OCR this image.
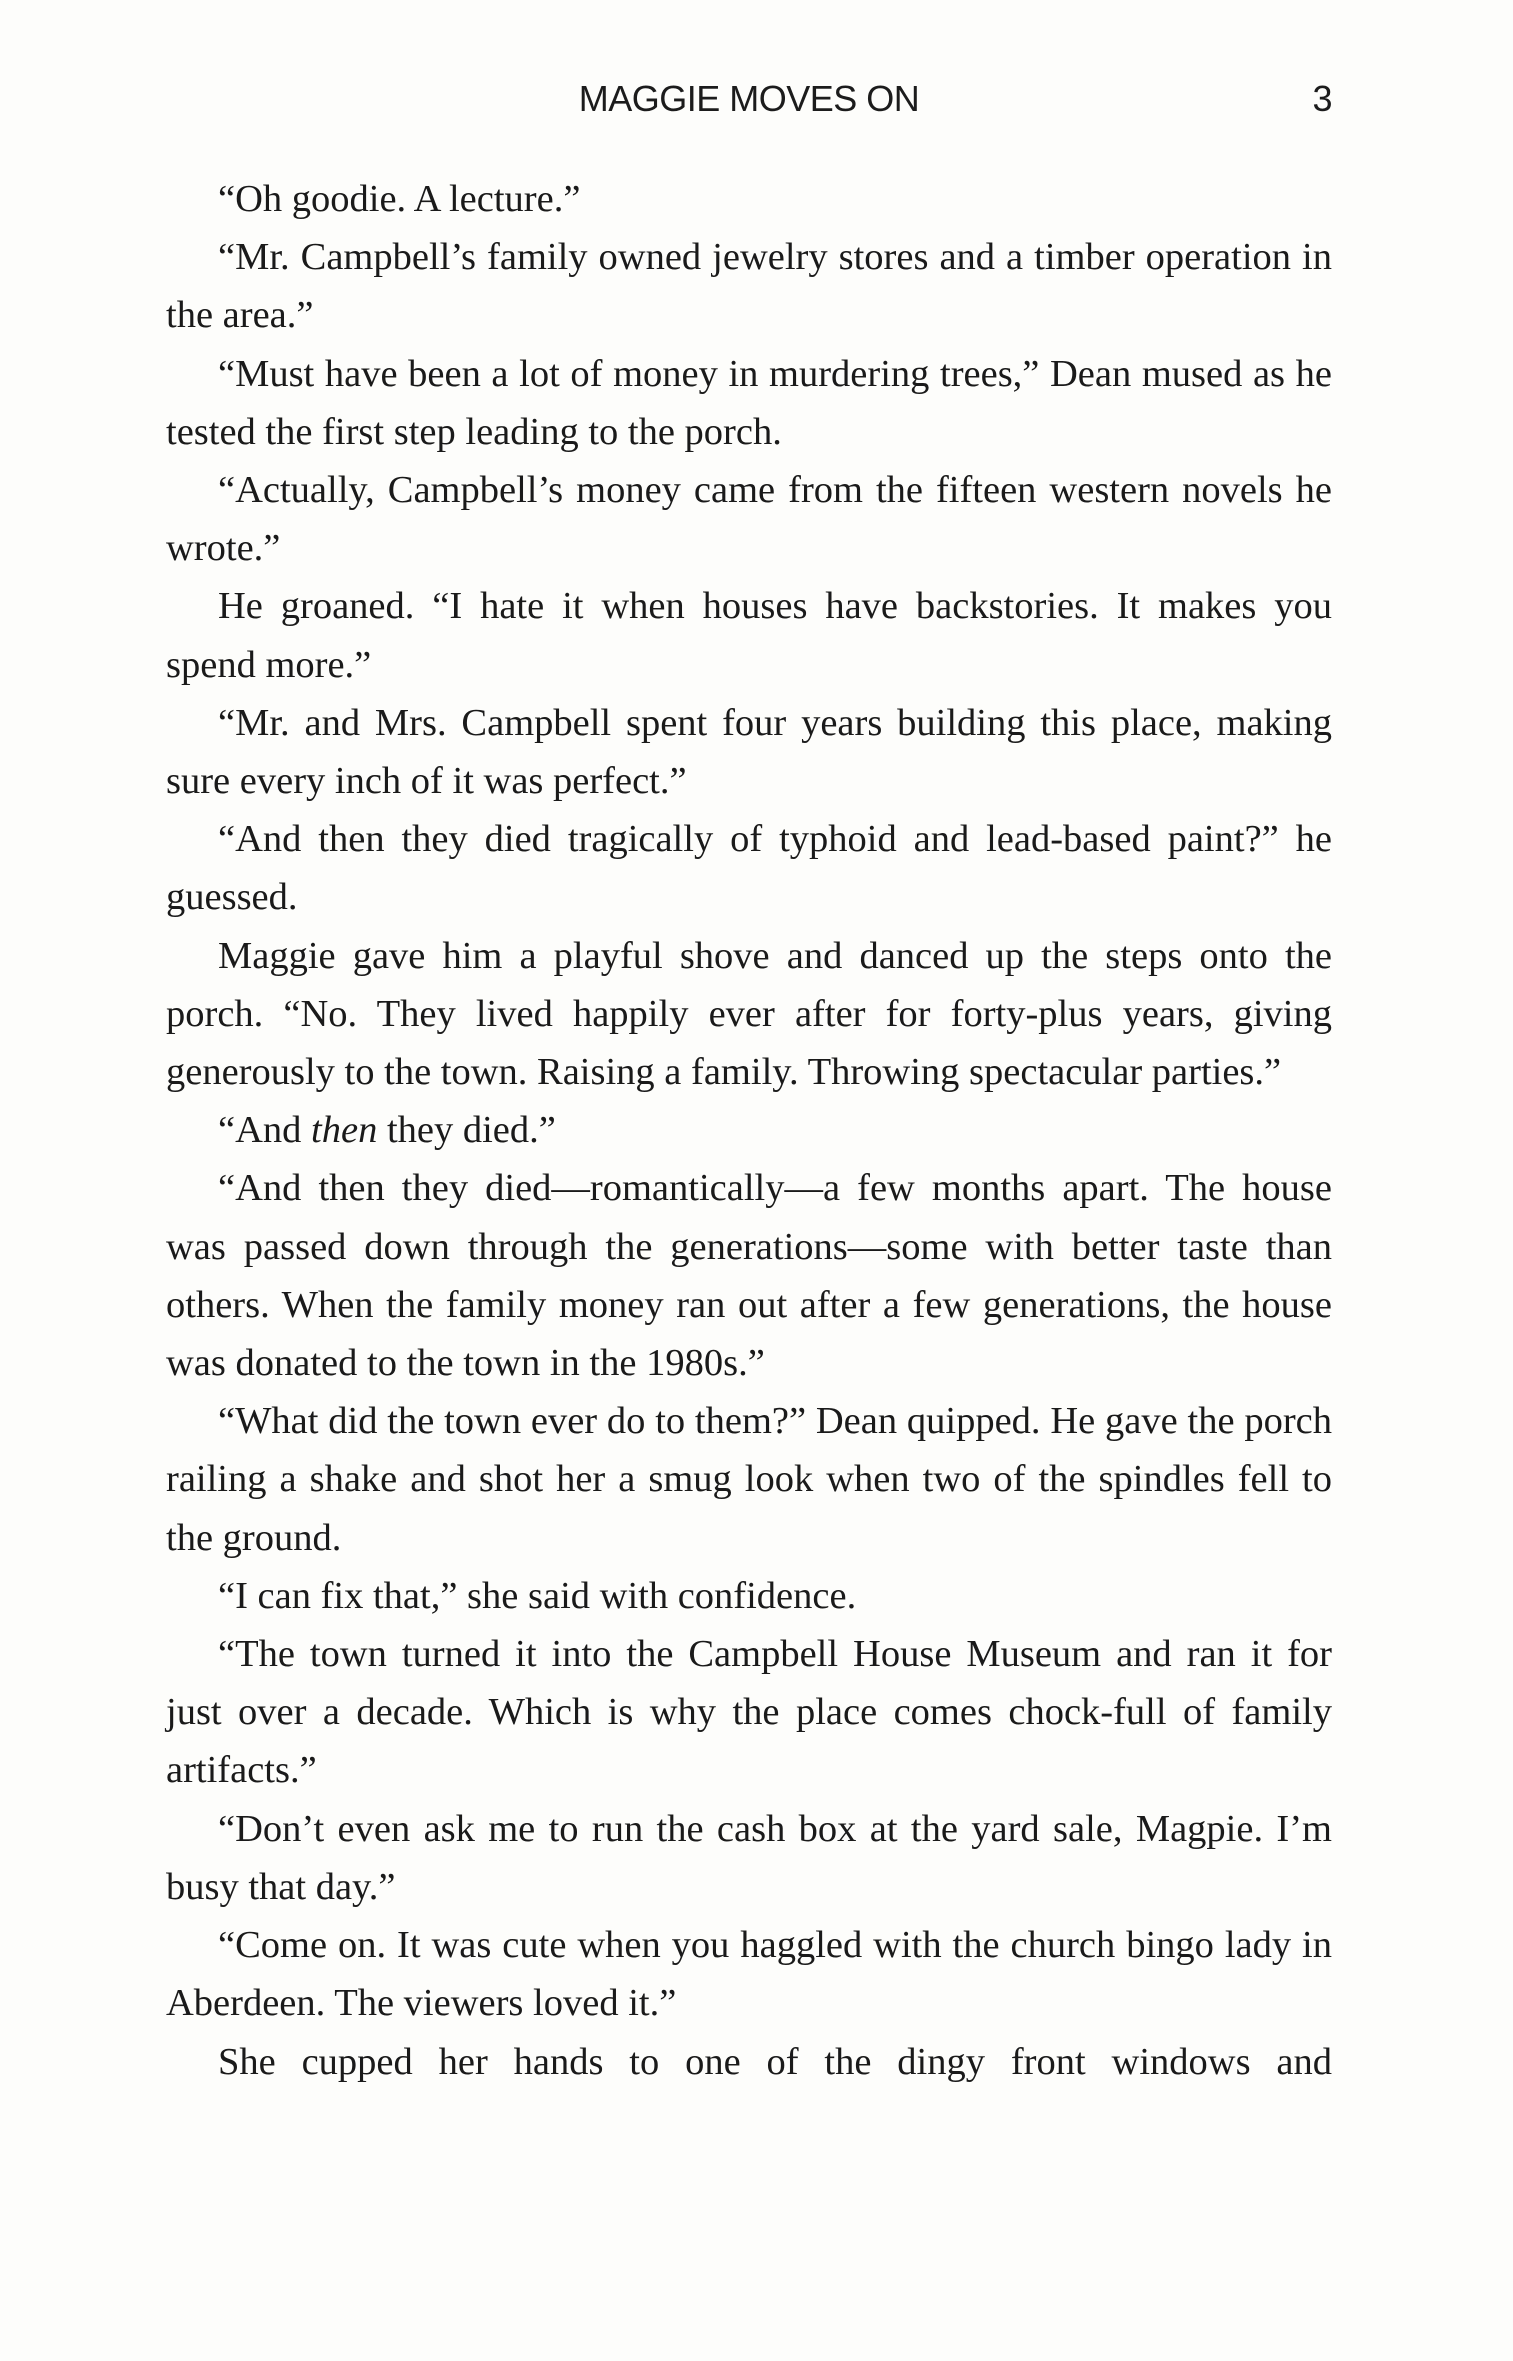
MAGGIE MOVES ON	3

“Oh goodie. A lecture.”

“Mr. Campbell’s family owned jewelry stores and a timber operation in the area.”

“Must have been a lot of money in murdering trees,” Dean mused as he tested the first step leading to the porch.

“Actually, Campbell’s money came from the fifteen western novels he wrote.”

He groaned. “I hate it when houses have backstories. It makes you spend more.”

“Mr. and Mrs. Campbell spent four years building this place, making sure every inch of it was perfect.”

“And then they died tragically of typhoid and lead-based paint?” he guessed.

Maggie gave him a playful shove and danced up the steps onto the porch. “No. They lived happily ever after for forty-plus years, giving generously to the town. Raising a family. Throwing spectacular parties.”

“And then they died.”

“And then they died—romantically—a few months apart. The house was passed down through the generations—some with better taste than others. When the family money ran out after a few generations, the house was donated to the town in the 1980s.”

“What did the town ever do to them?” Dean quipped. He gave the porch railing a shake and shot her a smug look when two of the spindles fell to the ground.

“I can fix that,” she said with confidence.

“The town turned it into the Campbell House Museum and ran it for just over a decade. Which is why the place comes chock-full of family artifacts.”

“Don’t even ask me to run the cash box at the yard sale, Magpie. I’m busy that day.”

“Come on. It was cute when you haggled with the church bingo lady in Aberdeen. The viewers loved it.”

She cupped her hands to one of the dingy front windows and
